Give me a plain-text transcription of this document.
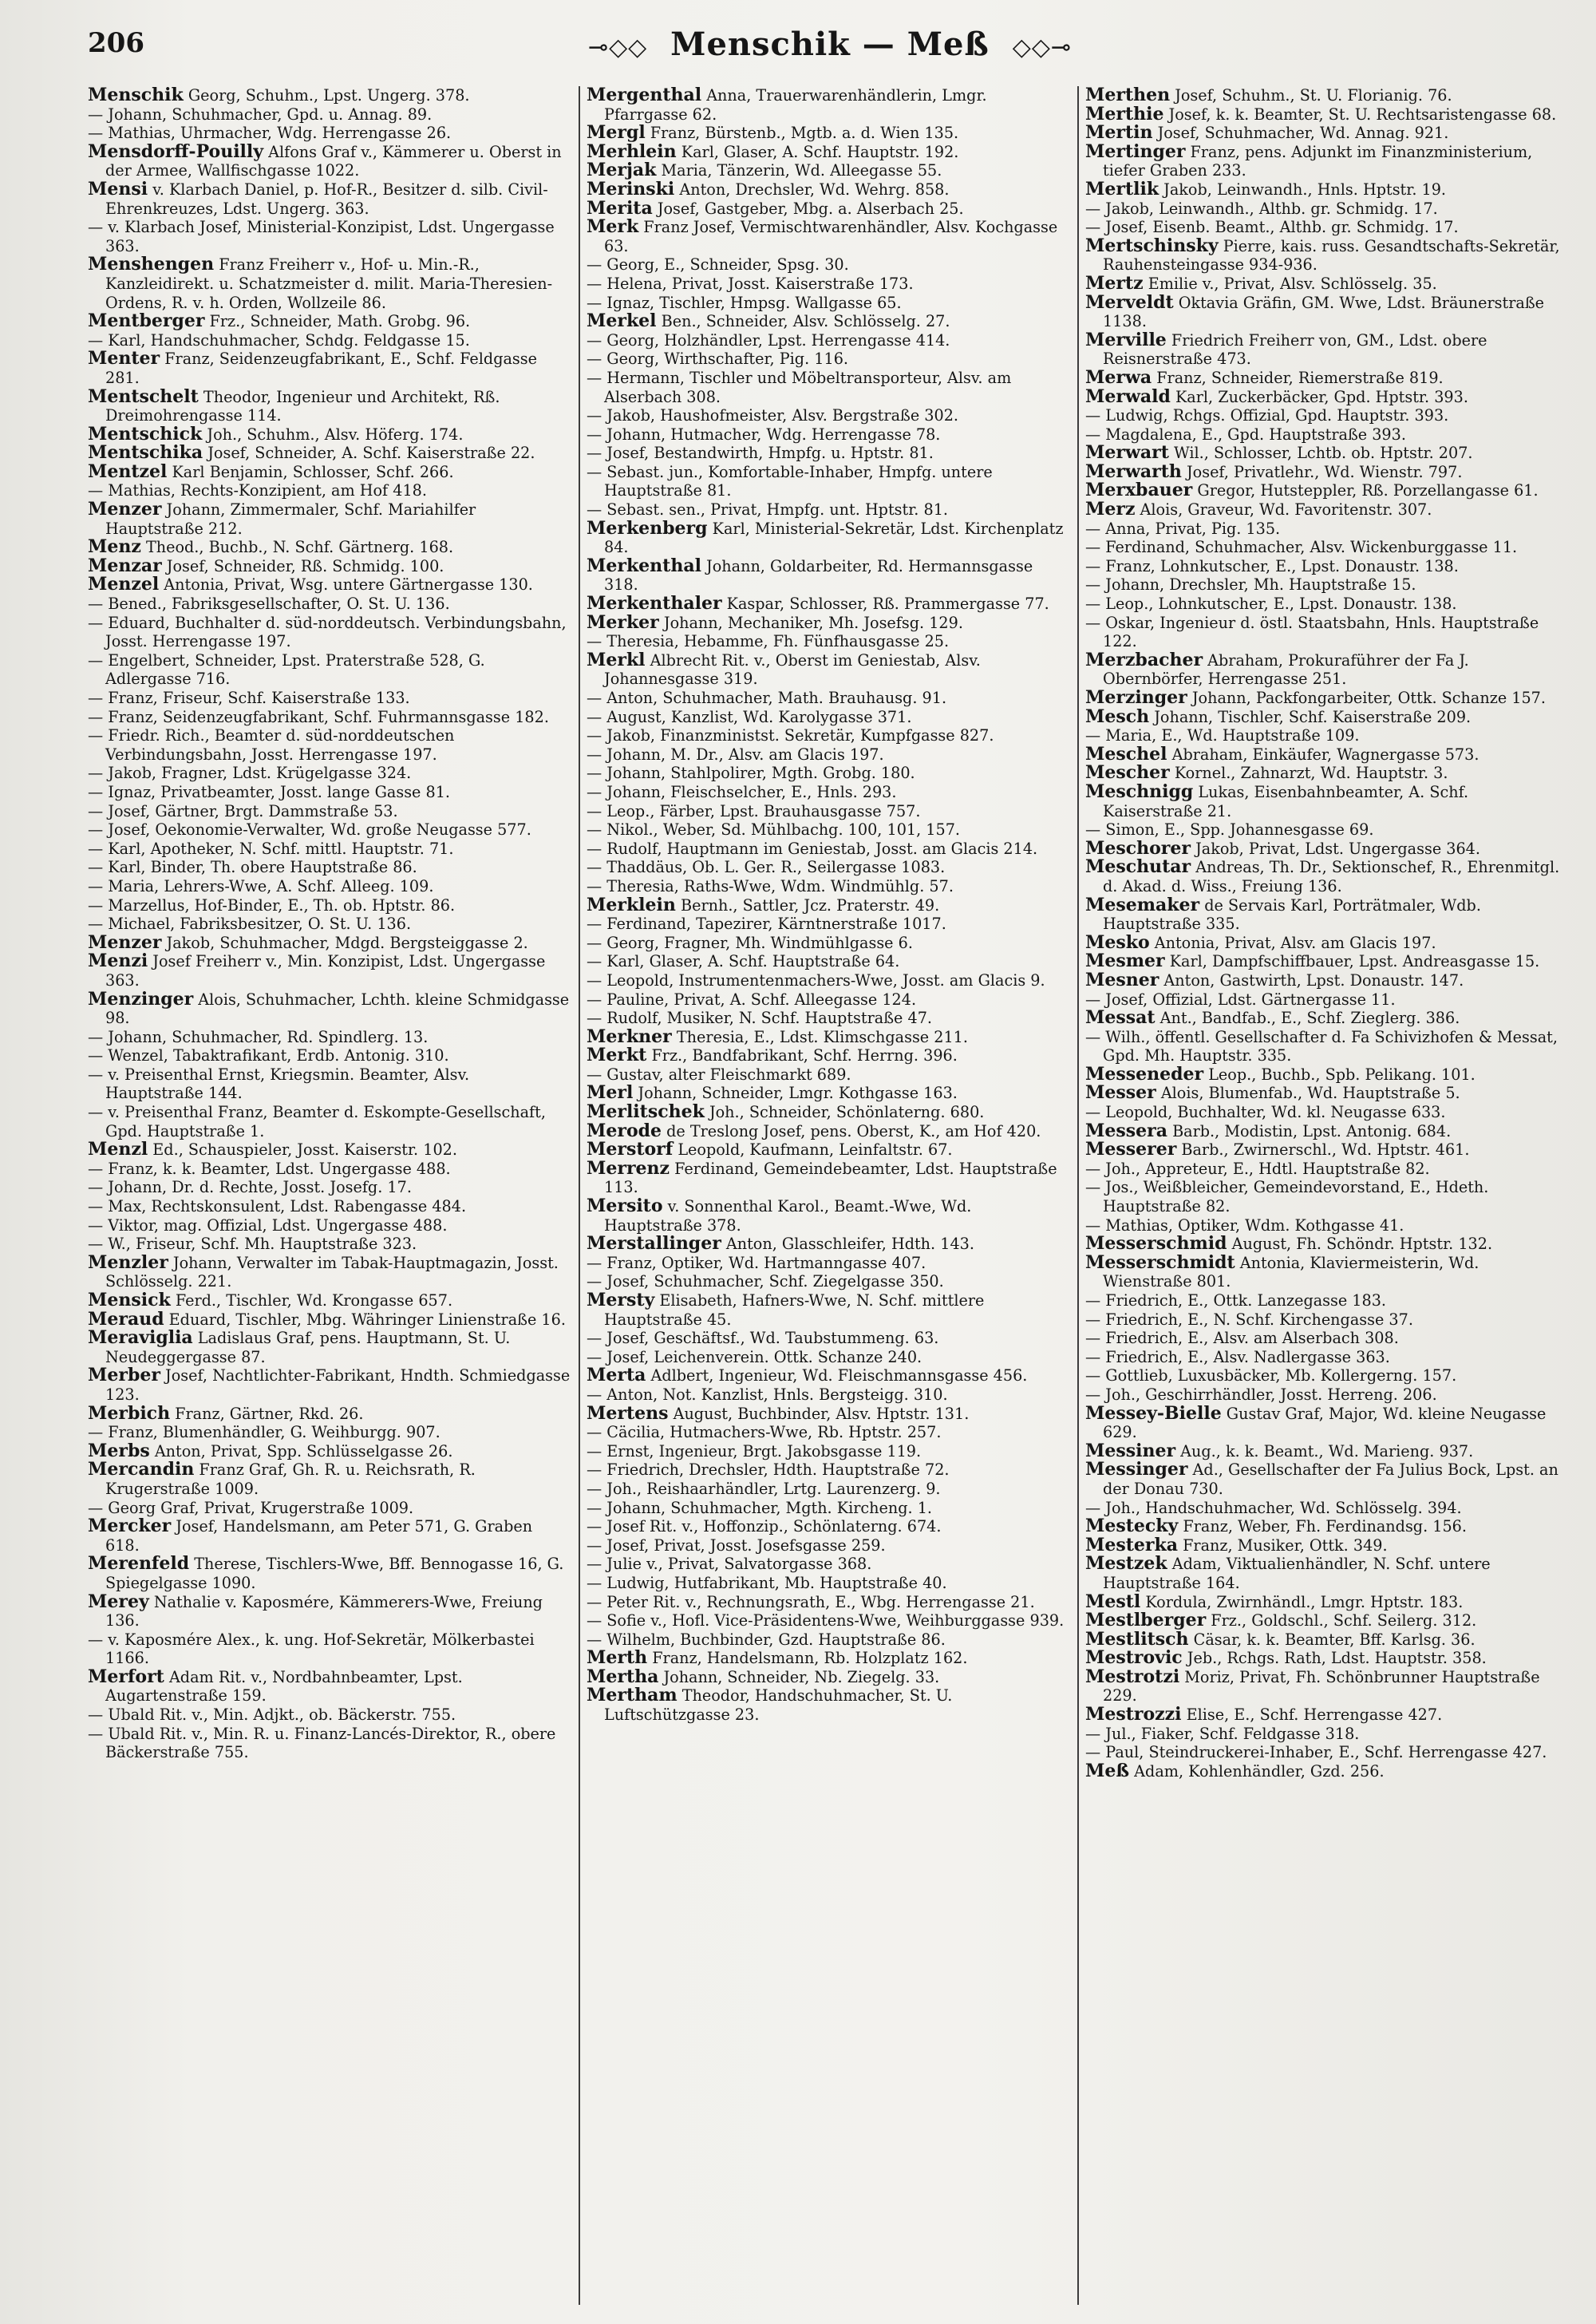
206	⊸◇◇ Menschik — Meß ◇◇⊸

Menschik Georg, Schuhm., Lpst. Ungerg. 378.

— Johann, Schuhmacher, Gpd. u. Annag. 89.

— Mathias, Uhrmacher, Wdg. Herrengasse 26.

Mensdorff-Pouilly Alfons Graf v., Kämmerer u. Oberst in der Armee, Wallfischgasse 1022.

Mensi v. Klarbach Daniel, p. Hof-R., Besitzer d. silb. Civil-Ehrenkreuzes, Ldst. Ungerg. 363.

— v. Klarbach Josef, Ministerial-Konzipist, Ldst. Ungergasse 363.

Menshengen Franz Freiherr v., Hof- u. Min.-R., Kanzleidirekt. u. Schatzmeister d. milit. Maria-Theresien-Ordens, R. v. h. Orden, Wollzeile 86.

Mentberger Frz., Schneider, Math. Grobg. 96.

— Karl, Handschuhmacher, Schdg. Feldgasse 15.

Menter Franz, Seidenzeugfabrikant, E., Schf. Feldgasse 281.

Mentschelt Theodor, Ingenieur und Architekt, Rß. Dreimohrengasse 114.

Mentschick Joh., Schuhm., Alsv. Höferg. 174.

Mentschika Josef, Schneider, A. Schf. Kaiserstraße 22.

Mentzel Karl Benjamin, Schlosser, Schf. 266.

— Mathias, Rechts-Konzipient, am Hof 418.

Menzer Johann, Zimmermaler, Schf. Mariahilfer Hauptstraße 212.

Menz Theod., Buchb., N. Schf. Gärtnerg. 168.

Menzar Josef, Schneider, Rß. Schmidg. 100.

Menzel Antonia, Privat, Wsg. untere Gärtnergasse 130.

— Bened., Fabriksgesellschafter, O. St. U. 136.

— Eduard, Buchhalter d. süd-norddeutsch. Verbindungsbahn, Josst. Herrengasse 197.

— Engelbert, Schneider, Lpst. Praterstraße 528, G. Adlergasse 716.

— Franz, Friseur, Schf. Kaiserstraße 133.

— Franz, Seidenzeugfabrikant, Schf. Fuhrmannsgasse 182.

— Friedr. Rich., Beamter d. süd-norddeutschen Verbindungsbahn, Josst. Herrengasse 197.

— Jakob, Fragner, Ldst. Krügelgasse 324.

— Ignaz, Privatbeamter, Josst. lange Gasse 81.

— Josef, Gärtner, Brgt. Dammstraße 53.

— Josef, Oekonomie-Verwalter, Wd. große Neugasse 577.

— Karl, Apotheker, N. Schf. mittl. Hauptstr. 71.

— Karl, Binder, Th. obere Hauptstraße 86.

— Maria, Lehrers-Wwe, A. Schf. Alleeg. 109.

— Marzellus, Hof-Binder, E., Th. ob. Hptstr. 86.

— Michael, Fabriksbesitzer, O. St. U. 136.

Menzer Jakob, Schuhmacher, Mdgd. Bergsteiggasse 2.

Menzi Josef Freiherr v., Min. Konzipist, Ldst. Ungergasse 363.

Menzinger Alois, Schuhmacher, Lchth. kleine Schmidgasse 98.

— Johann, Schuhmacher, Rd. Spindlerg. 13.

— Wenzel, Tabaktrafikant, Erdb. Antonig. 310.

— v. Preisenthal Ernst, Kriegsmin. Beamter, Alsv. Hauptstraße 144.

— v. Preisenthal Franz, Beamter d. Eskompte-Gesellschaft, Gpd. Hauptstraße 1.

Menzl Ed., Schauspieler, Josst. Kaiserstr. 102.

— Franz, k. k. Beamter, Ldst. Ungergasse 488.

— Johann, Dr. d. Rechte, Josst. Josefg. 17.

— Max, Rechtskonsulent, Ldst. Rabengasse 484.

— Viktor, mag. Offizial, Ldst. Ungergasse 488.

— W., Friseur, Schf. Mh. Hauptstraße 323.

Menzler Johann, Verwalter im Tabak-Hauptmagazin, Josst. Schlösselg. 221.

Mensick Ferd., Tischler, Wd. Krongasse 657.

Meraud Eduard, Tischler, Mbg. Währinger Linienstraße 16.

Meraviglia Ladislaus Graf, pens. Hauptmann, St. U. Neudeggergasse 87.

Merber Josef, Nachtlichter-Fabrikant, Hndth. Schmiedgasse 123.

Merbich Franz, Gärtner, Rkd. 26.

— Franz, Blumenhändler, G. Weihburgg. 907.

Merbs Anton, Privat, Spp. Schlüsselgasse 26.

Mercandin Franz Graf, Gh. R. u. Reichsrath, R. Krugerstraße 1009.

— Georg Graf, Privat, Krugerstraße 1009.

Mercker Josef, Handelsmann, am Peter 571, G. Graben 618.

Merenfeld Therese, Tischlers-Wwe, Bff. Bennogasse 16, G. Spiegelgasse 1090.

Merey Nathalie v. Kaposmére, Kämmerers-Wwe, Freiung 136.

— v. Kaposmére Alex., k. ung. Hof-Sekretär, Mölkerbastei 1166.

Merfort Adam Rit. v., Nordbahnbeamter, Lpst. Augartenstraße 159.

— Ubald Rit. v., Min. Adjkt., ob. Bäckerstr. 755.

— Ubald Rit. v., Min. R. u. Finanz-Lancés-Direktor, R., obere Bäckerstraße 755.

Mergenthal Anna, Trauerwarenhändlerin, Lmgr. Pfarrgasse 62.

Mergl Franz, Bürstenb., Mgtb. a. d. Wien 135.

Merhlein Karl, Glaser, A. Schf. Hauptstr. 192.

Merjak Maria, Tänzerin, Wd. Alleegasse 55.

Merinski Anton, Drechsler, Wd. Wehrg. 858.

Merita Josef, Gastgeber, Mbg. a. Alserbach 25.

Merk Franz Josef, Vermischtwarenhändler, Alsv. Kochgasse 63.

— Georg, E., Schneider, Spsg. 30.

— Helena, Privat, Josst. Kaiserstraße 173.

— Ignaz, Tischler, Hmpsg. Wallgasse 65.

Merkel Ben., Schneider, Alsv. Schlösselg. 27.

— Georg, Holzhändler, Lpst. Herrengasse 414.

— Georg, Wirthschafter, Pig. 116.

— Hermann, Tischler und Möbeltransporteur, Alsv. am Alserbach 308.

— Jakob, Haushofmeister, Alsv. Bergstraße 302.

— Johann, Hutmacher, Wdg. Herrengasse 78.

— Josef, Bestandwirth, Hmpfg. u. Hptstr. 81.

— Sebast. jun., Komfortable-Inhaber, Hmpfg. untere Hauptstraße 81.

— Sebast. sen., Privat, Hmpfg. unt. Hptstr. 81.

Merkenberg Karl, Ministerial-Sekretär, Ldst. Kirchenplatz 84.

Merkenthal Johann, Goldarbeiter, Rd. Hermannsgasse 318.

Merkenthaler Kaspar, Schlosser, Rß. Prammergasse 77.

Merker Johann, Mechaniker, Mh. Josefsg. 129.

— Theresia, Hebamme, Fh. Fünfhausgasse 25.

Merkl Albrecht Rit. v., Oberst im Geniestab, Alsv. Johannesgasse 319.

— Anton, Schuhmacher, Math. Brauhausg. 91.

— August, Kanzlist, Wd. Karolygasse 371.

— Jakob, Finanzministst. Sekretär, Kumpfgasse 827.

— Johann, M. Dr., Alsv. am Glacis 197.

— Johann, Stahlpolirer, Mgth. Grobg. 180.

— Johann, Fleischselcher, E., Hnls. 293.

— Leop., Färber, Lpst. Brauhausgasse 757.

— Nikol., Weber, Sd. Mühlbachg. 100, 101, 157.

— Rudolf, Hauptmann im Geniestab, Josst. am Glacis 214.

— Thaddäus, Ob. L. Ger. R., Seilergasse 1083.

— Theresia, Raths-Wwe, Wdm. Windmühlg. 57.

Merklein Bernh., Sattler, Jcz. Praterstr. 49.

— Ferdinand, Tapezirer, Kärntnerstraße 1017.

— Georg, Fragner, Mh. Windmühlgasse 6.

— Karl, Glaser, A. Schf. Hauptstraße 64.

— Leopold, Instrumentenmachers-Wwe, Josst. am Glacis 9.

— Pauline, Privat, A. Schf. Alleegasse 124.

— Rudolf, Musiker, N. Schf. Hauptstraße 47.

Merkner Theresia, E., Ldst. Klimschgasse 211.

Merkt Frz., Bandfabrikant, Schf. Herrng. 396.

— Gustav, alter Fleischmarkt 689.

Merl Johann, Schneider, Lmgr. Kothgasse 163.

Merlitschek Joh., Schneider, Schönlaterng. 680.

Merode de Treslong Josef, pens. Oberst, K., am Hof 420.

Merstorf Leopold, Kaufmann, Leinfaltstr. 67.

Merrenz Ferdinand, Gemeindebeamter, Ldst. Hauptstraße 113.

Mersito v. Sonnenthal Karol., Beamt.-Wwe, Wd. Hauptstraße 378.

Merstallinger Anton, Glasschleifer, Hdth. 143.

— Franz, Optiker, Wd. Hartmanngasse 407.

— Josef, Schuhmacher, Schf. Ziegelgasse 350.

Mersty Elisabeth, Hafners-Wwe, N. Schf. mittlere Hauptstraße 45.

— Josef, Geschäftsf., Wd. Taubstummeng. 63.

— Josef, Leichenverein. Ottk. Schanze 240.

Merta Adlbert, Ingenieur, Wd. Fleischmannsgasse 456.

— Anton, Not. Kanzlist, Hnls. Bergsteigg. 310.

Mertens August, Buchbinder, Alsv. Hptstr. 131.

— Cäcilia, Hutmachers-Wwe, Rb. Hptstr. 257.

— Ernst, Ingenieur, Brgt. Jakobsgasse 119.

— Friedrich, Drechsler, Hdth. Hauptstraße 72.

— Joh., Reishaarhändler, Lrtg. Laurenzerg. 9.

— Johann, Schuhmacher, Mgth. Kircheng. 1.

— Josef Rit. v., Hoffonzip., Schönlaterng. 674.

— Josef, Privat, Josst. Josefsgasse 259.

— Julie v., Privat, Salvatorgasse 368.

— Ludwig, Hutfabrikant, Mb. Hauptstraße 40.

— Peter Rit. v., Rechnungsrath, E., Wbg. Herrengasse 21.

— Sofie v., Hofl. Vice-Präsidentens-Wwe, Weihburggasse 939.

— Wilhelm, Buchbinder, Gzd. Hauptstraße 86.

Merth Franz, Handelsmann, Rb. Holzplatz 162.

Mertha Johann, Schneider, Nb. Ziegelg. 33.

Mertham Theodor, Handschuhmacher, St. U. Luftschützgasse 23.

Merthen Josef, Schuhm., St. U. Florianig. 76.

Merthie Josef, k. k. Beamter, St. U. Rechtsaristengasse 68.

Mertin Josef, Schuhmacher, Wd. Annag. 921.

Mertinger Franz, pens. Adjunkt im Finanzministerium, tiefer Graben 233.

Mertlik Jakob, Leinwandh., Hnls. Hptstr. 19.

— Jakob, Leinwandh., Althb. gr. Schmidg. 17.

— Josef, Eisenb. Beamt., Althb. gr. Schmidg. 17.

Mertschinsky Pierre, kais. russ. Gesandtschafts-Sekretär, Rauhensteingasse 934-936.

Mertz Emilie v., Privat, Alsv. Schlösselg. 35.

Merveldt Oktavia Gräfin, GM. Wwe, Ldst. Bräunerstraße 1138.

Merville Friedrich Freiherr von, GM., Ldst. obere Reisnerstraße 473.

Merwa Franz, Schneider, Riemerstraße 819.

Merwald Karl, Zuckerbäcker, Gpd. Hptstr. 393.

— Ludwig, Rchgs. Offizial, Gpd. Hauptstr. 393.

— Magdalena, E., Gpd. Hauptstraße 393.

Merwart Wil., Schlosser, Lchtb. ob. Hptstr. 207.

Merwarth Josef, Privatlehr., Wd. Wienstr. 797.

Merxbauer Gregor, Hutsteppler, Rß. Porzellangasse 61.

Merz Alois, Graveur, Wd. Favoritenstr. 307.

— Anna, Privat, Pig. 135.

— Ferdinand, Schuhmacher, Alsv. Wickenburggasse 11.

— Franz, Lohnkutscher, E., Lpst. Donaustr. 138.

— Johann, Drechsler, Mh. Hauptstraße 15.

— Leop., Lohnkutscher, E., Lpst. Donaustr. 138.

— Oskar, Ingenieur d. östl. Staatsbahn, Hnls. Hauptstraße 122.

Merzbacher Abraham, Prokuraführer der Fa J. Obernbörfer, Herrengasse 251.

Merzinger Johann, Packfongarbeiter, Ottk. Schanze 157.

Mesch Johann, Tischler, Schf. Kaiserstraße 209.

— Maria, E., Wd. Hauptstraße 109.

Meschel Abraham, Einkäufer, Wagnergasse 573.

Mescher Kornel., Zahnarzt, Wd. Hauptstr. 3.

Meschnigg Lukas, Eisenbahnbeamter, A. Schf. Kaiserstraße 21.

— Simon, E., Spp. Johannesgasse 69.

Meschorer Jakob, Privat, Ldst. Ungergasse 364.

Meschutar Andreas, Th. Dr., Sektionschef, R., Ehrenmitgl. d. Akad. d. Wiss., Freiung 136.

Mesemaker de Servais Karl, Porträtmaler, Wdb. Hauptstraße 335.

Mesko Antonia, Privat, Alsv. am Glacis 197.

Mesmer Karl, Dampfschiffbauer, Lpst. Andreasgasse 15.

Mesner Anton, Gastwirth, Lpst. Donaustr. 147.

— Josef, Offizial, Ldst. Gärtnergasse 11.

Messat Ant., Bandfab., E., Schf. Zieglerg. 386.

— Wilh., öffentl. Gesellschafter d. Fa Schivizhofen & Messat, Gpd. Mh. Hauptstr. 335.

Messeneder Leop., Buchb., Spb. Pelikang. 101.

Messer Alois, Blumenfab., Wd. Hauptstraße 5.

— Leopold, Buchhalter, Wd. kl. Neugasse 633.

Messera Barb., Modistin, Lpst. Antonig. 684.

Messerer Barb., Zwirnerschl., Wd. Hptstr. 461.

— Joh., Appreteur, E., Hdtl. Hauptstraße 82.

— Jos., Weißbleicher, Gemeindevorstand, E., Hdeth. Hauptstraße 82.

— Mathias, Optiker, Wdm. Kothgasse 41.

Messerschmid August, Fh. Schöndr. Hptstr. 132.

Messerschmidt Antonia, Klaviermeisterin, Wd. Wienstraße 801.

— Friedrich, E., Ottk. Lanzegasse 183.

— Friedrich, E., N. Schf. Kirchengasse 37.

— Friedrich, E., Alsv. am Alserbach 308.

— Friedrich, E., Alsv. Nadlergasse 363.

— Gottlieb, Luxusbäcker, Mb. Kollergerng. 157.

— Joh., Geschirrhändler, Josst. Herreng. 206.

Messey-Bielle Gustav Graf, Major, Wd. kleine Neugasse 629.

Messiner Aug., k. k. Beamt., Wd. Marieng. 937.

Messinger Ad., Gesellschafter der Fa Julius Bock, Lpst. an der Donau 730.

— Joh., Handschuhmacher, Wd. Schlösselg. 394.

Mestecky Franz, Weber, Fh. Ferdinandsg. 156.

Mesterka Franz, Musiker, Ottk. 349.

Mestzek Adam, Viktualienhändler, N. Schf. untere Hauptstraße 164.

Mestl Kordula, Zwirnhändl., Lmgr. Hptstr. 183.

Mestlberger Frz., Goldschl., Schf. Seilerg. 312.

Mestlitsch Cäsar, k. k. Beamter, Bff. Karlsg. 36.

Mestrovic Jeb., Rchgs. Rath, Ldst. Hauptstr. 358.

Mestrotzi Moriz, Privat, Fh. Schönbrunner Hauptstraße 229.

Mestrozzi Elise, E., Schf. Herrengasse 427.

— Jul., Fiaker, Schf. Feldgasse 318.

— Paul, Steindruckerei-Inhaber, E., Schf. Herrengasse 427.

Meß Adam, Kohlenhändler, Gzd. 256.
